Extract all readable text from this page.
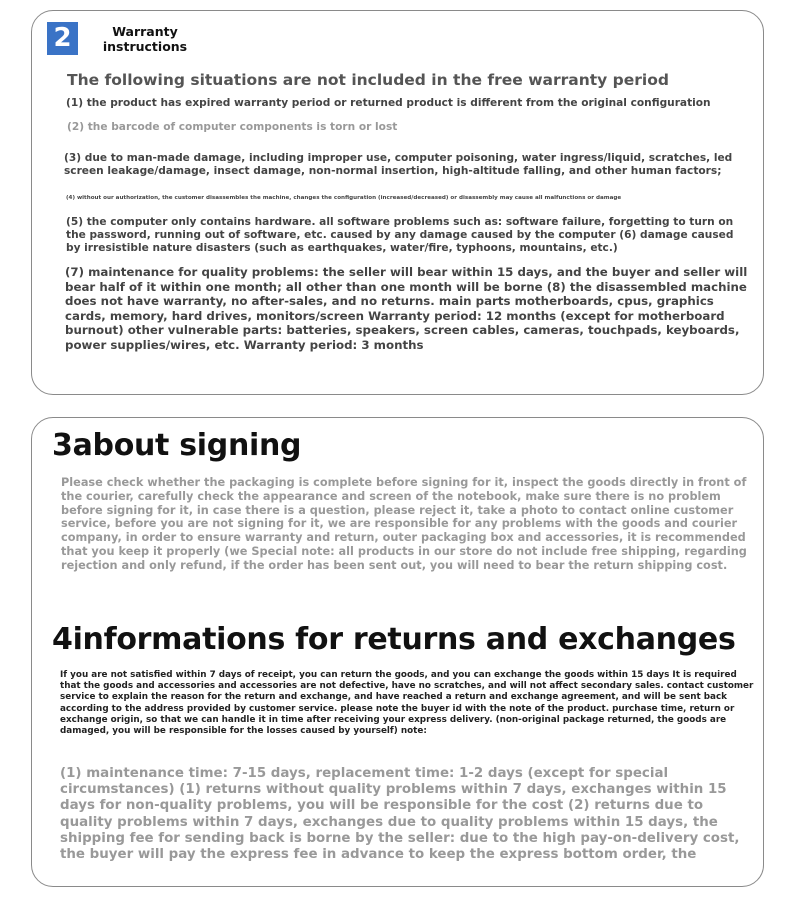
2	Warranty instructions

The following situations are not included in the free warranty period

(1) the product has expired warranty period or returned product is different from the original configuration

(2) the barcode of computer components is torn or lost

(3) due to man-made damage, including improper use, computer poisoning, water ingress/liquid, scratches, led screen leakage/damage, insect damage, non-normal insertion, high-altitude falling, and other human factors;

(4) without our authorization, the customer disassembles the machine, changes the configuration (increased/decreased) or disassembly may cause all malfunctions or damage

(5) the computer only contains hardware. all software problems such as: software failure, forgetting to turn on the password, running out of software, etc. caused by any damage caused by the computer (6) damage caused by irresistible nature disasters (such as earthquakes, water/fire, typhoons, mountains, etc.)

(7) maintenance for quality problems: the seller will bear within 15 days, and the buyer and seller will bear half of it within one month; all other than one month will be borne (8) the disassembled machine does not have warranty, no after-sales, and no returns. main parts motherboards, cpus, graphics cards, memory, hard drives, monitors/screen Warranty period: 12 months (except for motherboard burnout) other vulnerable parts: batteries, speakers, screen cables, cameras, touchpads, keyboards, power supplies/wires, etc. Warranty period: 3 months

3about signing

Please check whether the packaging is complete before signing for it, inspect the goods directly in front of the courier, carefully check the appearance and screen of the notebook, make sure there is no problem before signing for it, in case there is a question, please reject it, take a photo to contact online customer service, before you are not signing for it, we are responsible for any problems with the goods and courier company, in order to ensure warranty and return, outer packaging box and accessories, it is recommended that you keep it properly (we Special note: all products in our store do not include free shipping, regarding rejection and only refund, if the order has been sent out, you will need to bear the return shipping cost.

4informations for returns and exchanges

If you are not satisfied within 7 days of receipt, you can return the goods, and you can exchange the goods within 15 days It is required that the goods and accessories and accessories are not defective, have no scratches, and will not affect secondary sales. contact customer service to explain the reason for the return and exchange, and have reached a return and exchange agreement, and will be sent back according to the address provided by customer service. please note the buyer id with the note of the product. purchase time, return or exchange origin, so that we can handle it in time after receiving your express delivery. (non-original package returned, the goods are damaged, you will be responsible for the losses caused by yourself) note:

(1) maintenance time: 7-15 days, replacement time: 1-2 days (except for special circumstances) (1) returns without quality problems within 7 days, exchanges within 15 days for non-quality problems, you will be responsible for the cost (2) returns due to quality problems within 7 days, exchanges due to quality problems within 15 days, the shipping fee for sending back is borne by the seller: due to the high pay-on-delivery cost, the buyer will pay the express fee in advance to keep the express bottom order, the
